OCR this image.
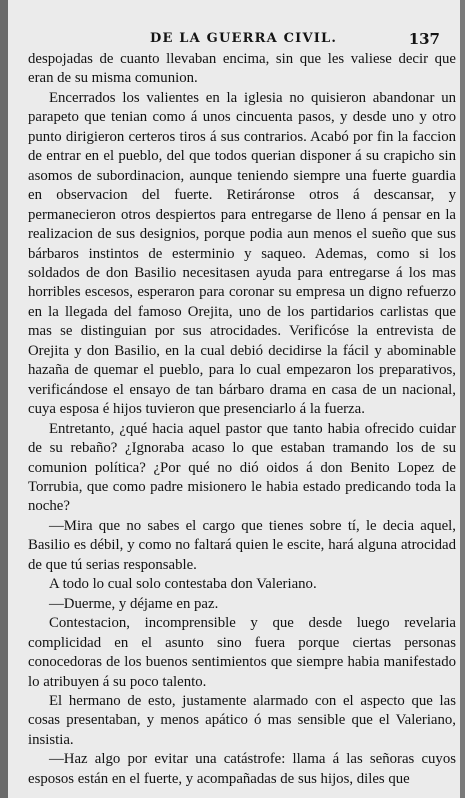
DE LA GUERRA CIVIL.	137

despojadas de cuanto llevaban encima, sin que les valiese decir que eran de su misma comunion.

Encerrados los valientes en la iglesia no quisieron abandonar un parapeto que tenian como á unos cincuenta pasos, y desde uno y otro punto dirigieron certeros tiros á sus contrarios. Acabó por fin la faccion de entrar en el pueblo, del que todos querian disponer á su crapicho sin asomos de subordinacion, aunque teniendo siempre una fuerte guardia en observacion del fuerte. Retiráronse otros á descansar, y permanecieron otros despiertos para entregarse de lleno á pensar en la realizacion de sus designios, porque podia aun menos el sueño que sus bárbaros instintos de esterminio y saqueo. Ademas, como si los soldados de don Basilio necesitasen ayuda para entregarse á los mas horribles escesos, esperaron para coronar su empresa un digno refuerzo en la llegada del famoso Orejita, uno de los partidarios carlistas que mas se distinguian por sus atrocidades. Verificóse la entrevista de Orejita y don Basilio, en la cual debió decidirse la fácil y abominable hazaña de quemar el pueblo, para lo cual empezaron los preparativos, verificándose el ensayo de tan bárbaro drama en casa de un nacional, cuya esposa é hijos tuvieron que presenciarlo á la fuerza.

Entretanto, ¿qué hacia aquel pastor que tanto habia ofrecido cuidar de su rebaño? ¿Ignoraba acaso lo que estaban tramando los de su comunion política? ¿Por qué no dió oidos á don Benito Lopez de Torrubia, que como padre misionero le habia estado predicando toda la noche?

—Mira que no sabes el cargo que tienes sobre tí, le decia aquel, Basilio es débil, y como no faltará quien le escite, hará alguna atrocidad de que tú serias responsable.

A todo lo cual solo contestaba don Valeriano.

—Duerme, y déjame en paz.

Contestacion, incomprensible y que desde luego revelaria complicidad en el asunto sino fuera porque ciertas personas conocedoras de los buenos sentimientos que siempre habia manifestado lo atribuyen á su poco talento.

El hermano de esto, justamente alarmado con el aspecto que las cosas presentaban, y menos apático ó mas sensible que el Valeriano, insistia.

—Haz algo por evitar una catástrofe: llama á las señoras cuyos esposos están en el fuerte, y acompañadas de sus hijos, diles que
